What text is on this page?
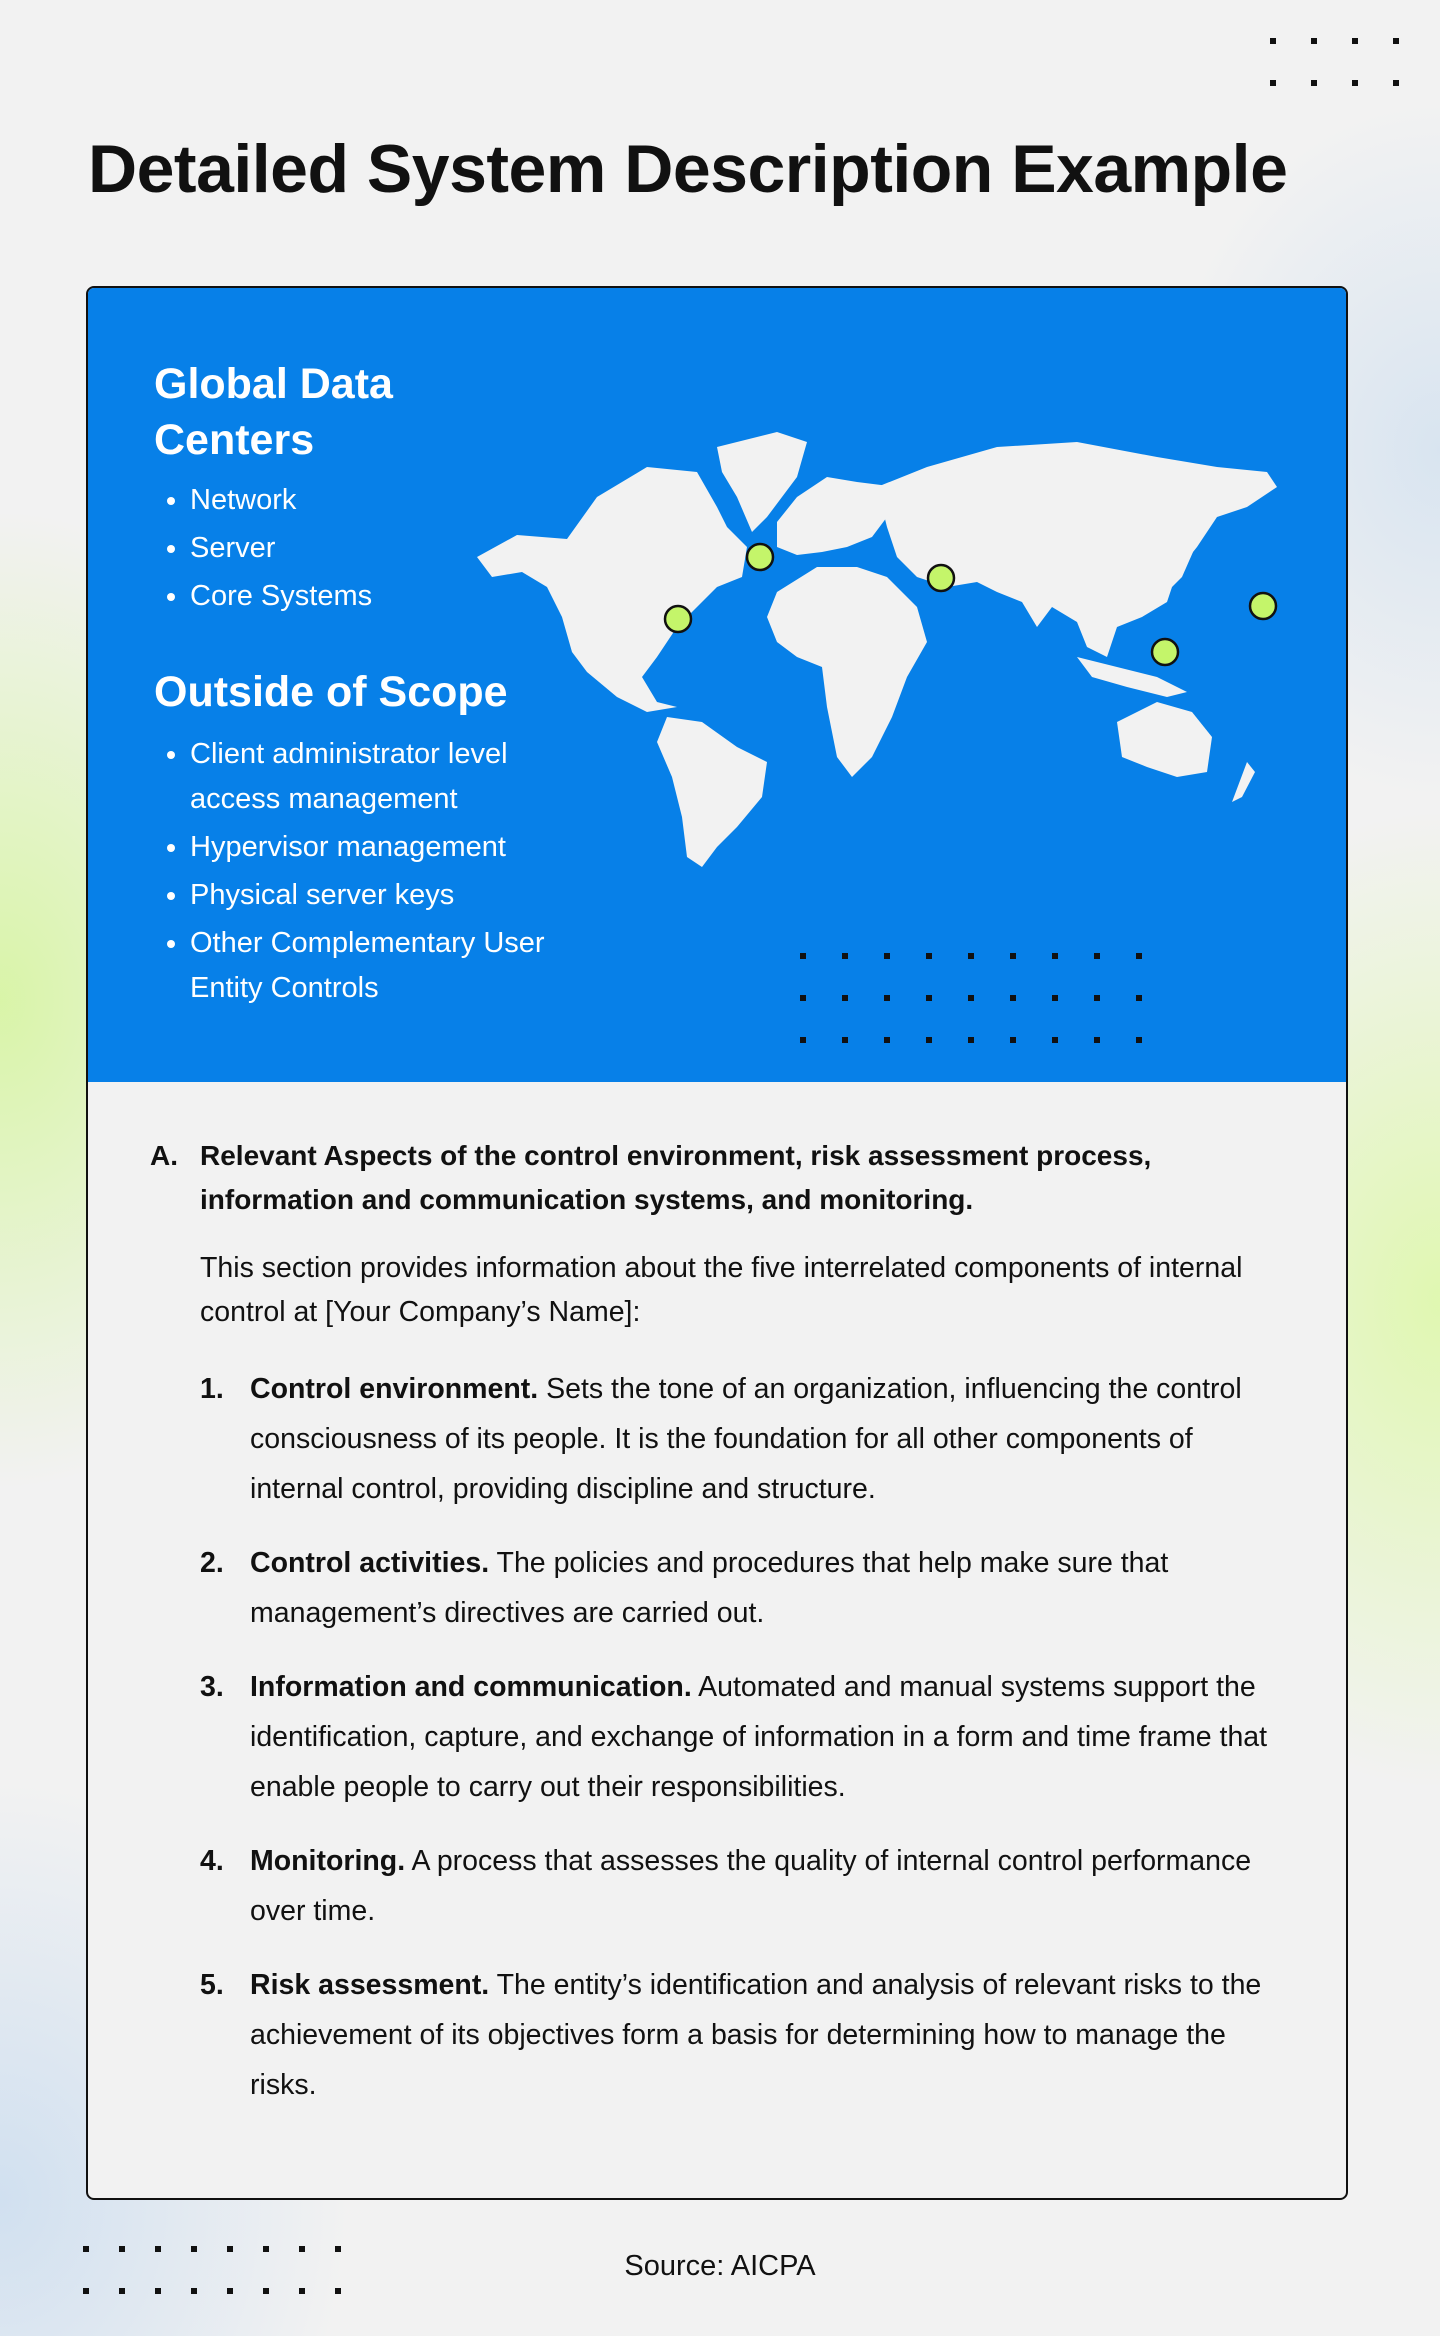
Detailed System Description Example
Global Data Centers
• Network
• Server
• Core Systems
Outside of Scope
• Client administrator level access management
• Hypervisor management
• Physical server keys
• Other Complementary User Entity Controls
A. Relevant Aspects of the control environment, risk assessment process, information and communication systems, and monitoring.
This section provides information about the five interrelated components of internal control at [Your Company’s Name]:
1. Control environment. Sets the tone of an organization, influencing the control consciousness of its people. It is the foundation for all other components of internal control, providing discipline and structure.
2. Control activities. The policies and procedures that help make sure that management’s directives are carried out.
3. Information and communication. Automated and manual systems support the identification, capture, and exchange of information in a form and time frame that enable people to carry out their responsibilities.
4. Monitoring. A process that assesses the quality of internal control performance over time.
5. Risk assessment. The entity’s identification and analysis of relevant risks to the achievement of its objectives form a basis for determining how to manage the risks.
Source: AICPA
